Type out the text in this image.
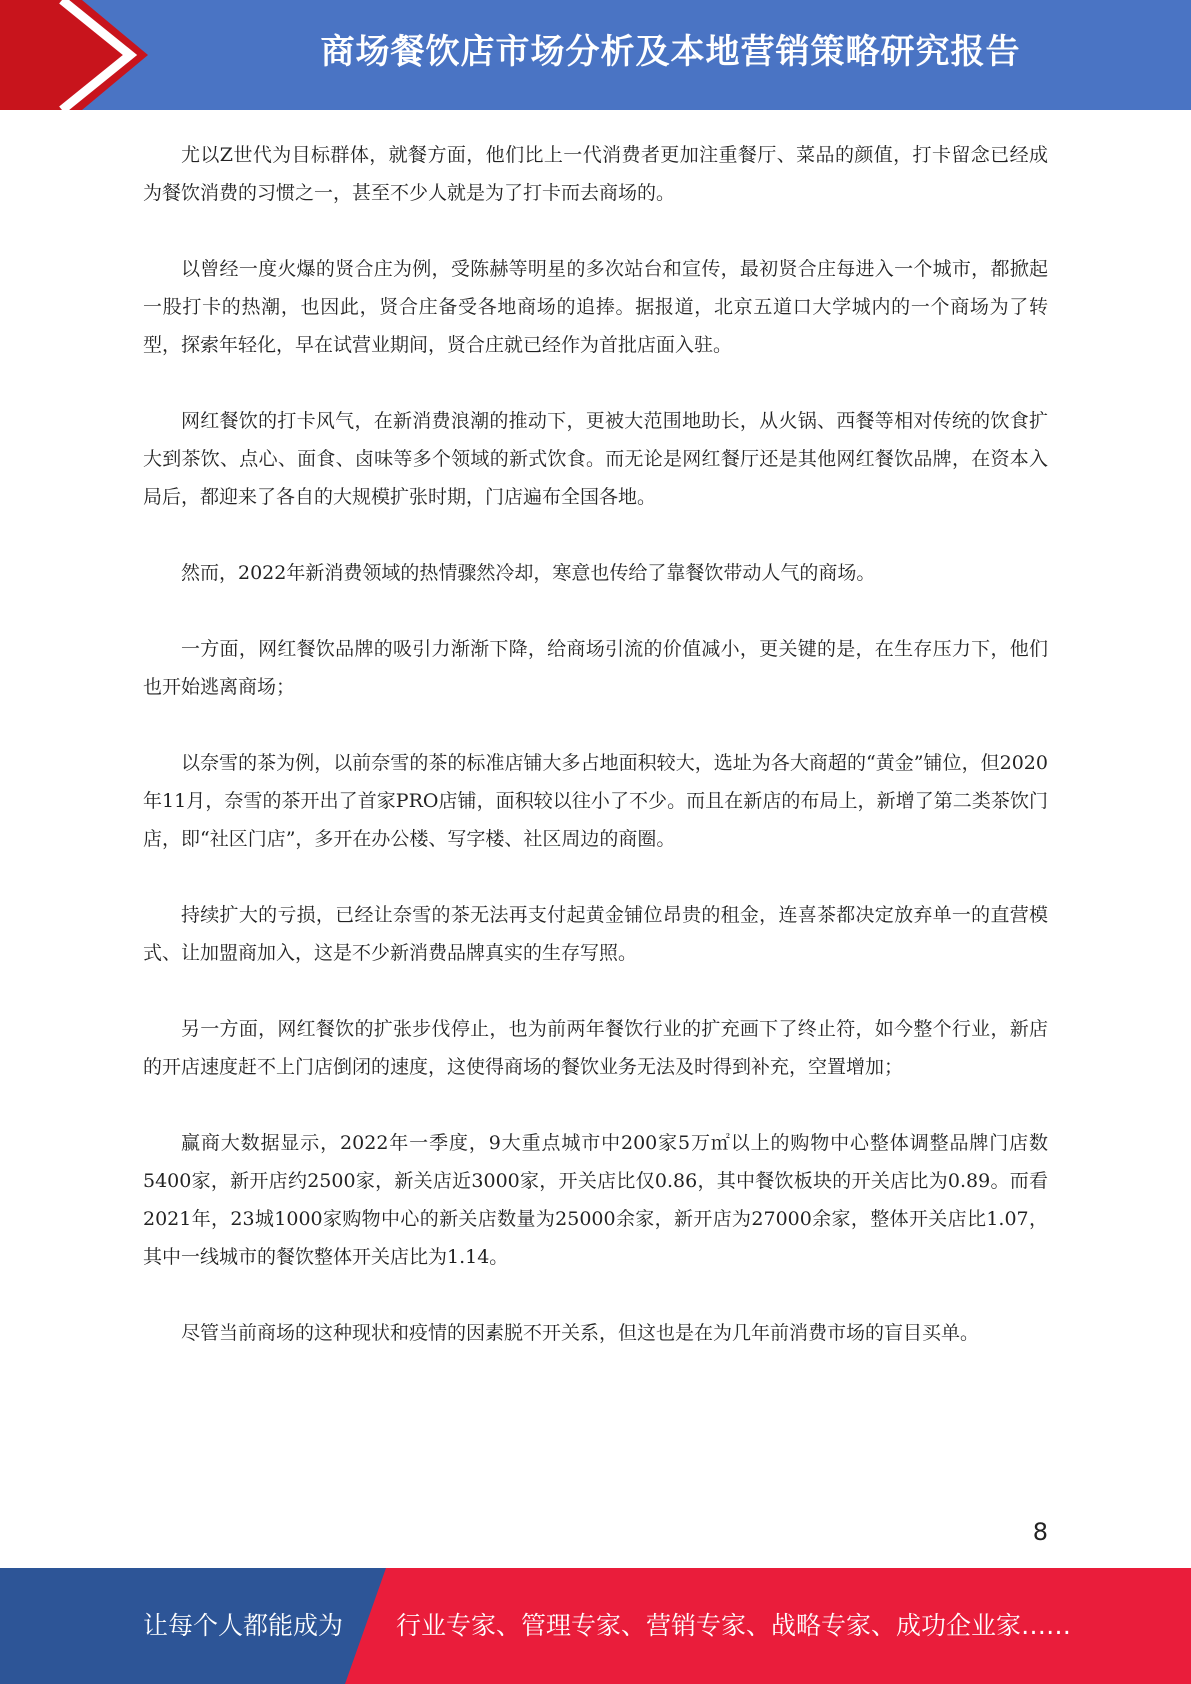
商场餐饮店市场分析及本地营销策略研究报告

尤以Z世代为目标群体，就餐方面，他们比上一代消费者更加注重餐厅、菜品的颜值，打卡留念已经成为餐饮消费的习惯之一，甚至不少人就是为了打卡而去商场的。

以曾经一度火爆的贤合庄为例，受陈赫等明星的多次站台和宣传，最初贤合庄每进入一个城市，都掀起一股打卡的热潮，也因此，贤合庄备受各地商场的追捧。据报道，北京五道口大学城内的一个商场为了转型，探索年轻化，早在试营业期间，贤合庄就已经作为首批店面入驻。

网红餐饮的打卡风气，在新消费浪潮的推动下，更被大范围地助长，从火锅、西餐等相对传统的饮食扩大到茶饮、点心、面食、卤味等多个领域的新式饮食。而无论是网红餐厅还是其他网红餐饮品牌，在资本入局后，都迎来了各自的大规模扩张时期，门店遍布全国各地。

然而，2022年新消费领域的热情骤然冷却，寒意也传给了靠餐饮带动人气的商场。

一方面，网红餐饮品牌的吸引力渐渐下降，给商场引流的价值减小，更关键的是，在生存压力下，他们也开始逃离商场；

以奈雪的茶为例，以前奈雪的茶的标准店铺大多占地面积较大，选址为各大商超的“黄金”铺位，但2020年11月，奈雪的茶开出了首家PRO店铺，面积较以往小了不少。而且在新店的布局上，新增了第二类茶饮门店，即“社区门店”，多开在办公楼、写字楼、社区周边的商圈。

持续扩大的亏损，已经让奈雪的茶无法再支付起黄金铺位昂贵的租金，连喜茶都决定放弃单一的直营模式、让加盟商加入，这是不少新消费品牌真实的生存写照。

另一方面，网红餐饮的扩张步伐停止，也为前两年餐饮行业的扩充画下了终止符，如今整个行业，新店的开店速度赶不上门店倒闭的速度，这使得商场的餐饮业务无法及时得到补充，空置增加；

赢商大数据显示，2022年一季度，9大重点城市中200家5万㎡以上的购物中心整体调整品牌门店数5400家，新开店约2500家，新关店近3000家，开关店比仅0.86，其中餐饮板块的开关店比为0.89。而看2021年，23城1000家购物中心的新关店数量为25000余家，新开店为27000余家，整体开关店比1.07，其中一线城市的餐饮整体开关店比为1.14。

尽管当前商场的这种现状和疫情的因素脱不开关系，但这也是在为几年前消费市场的盲目买单。

8
让每个人都能成为 行业专家、管理专家、营销专家、战略专家、成功企业家……
